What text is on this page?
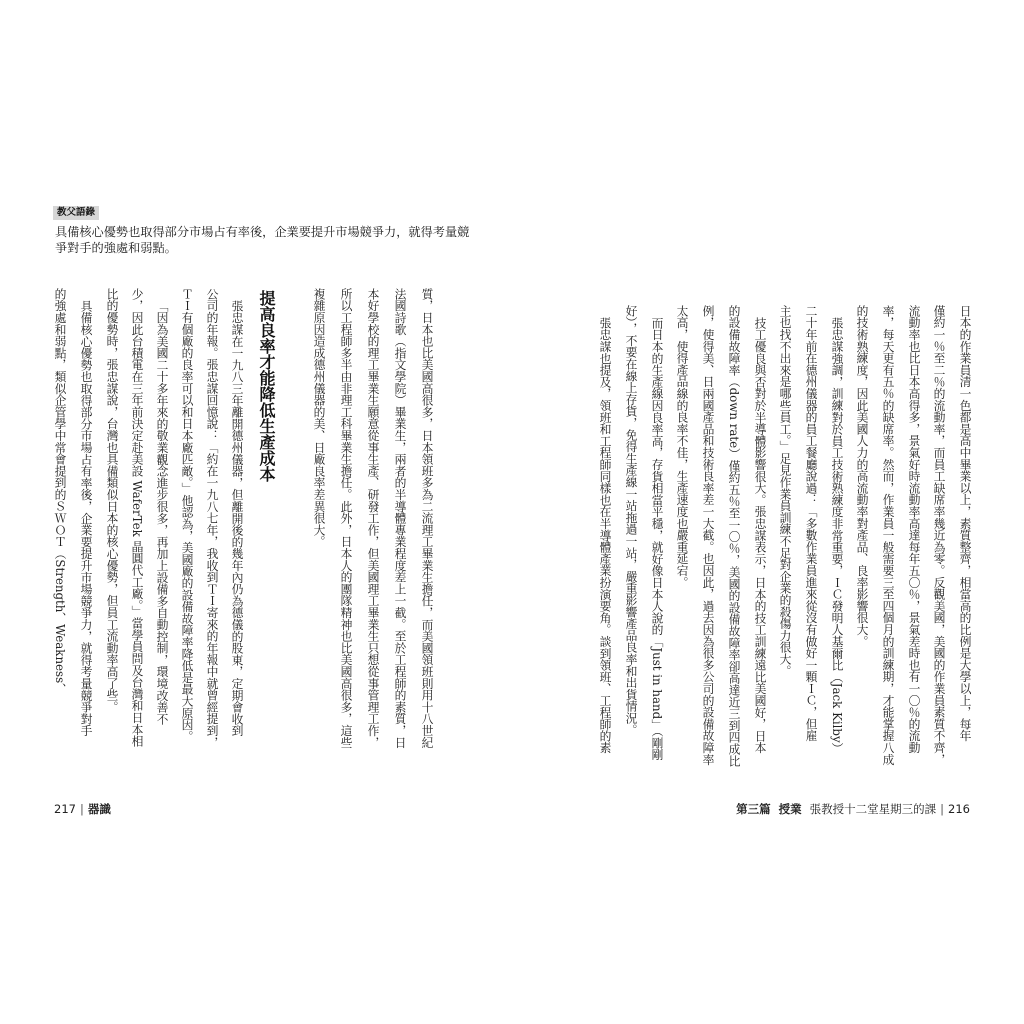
教父語錄
具備核心優勢也取得部分市場占有率後，企業要提升市場競爭力，就得考量競
爭對手的強處和弱點。
質，日本也比美國高很多，日本領班多為二流理工畢業生擔任，而美國領班則用十八世紀
法國詩歌（指文學院）畢業生，兩者的半導體專業程度差上一截。至於工程師的素質，日
本好學校的理工畢業生願意從事生產、研發工作，但美國理工畢業生只想從事管理工作，
所以工程師多半由非理工科畢業生擔任。此外，日本人的團隊精神也比美國高很多，這些
複雜原因造成德州儀器的美、日廠良率差異很大。
提高良率才能降低生產成本
張忠謀在一九八三年離開德州儀器，但離開後的幾年內仍為德儀的股東，定期會收到
公司的年報。張忠謀回憶說：「約在一九八七年，我收到ＴＩ寄來的年報中就曾經提到，
ＴＩ有個廠的良率可以和日本廠匹敵。」他認為，美國廠的設備故障率降低是最大原因。
「因為美國二十多年來的敬業觀念進步很多，再加上設備多自動控制，環境改善不
少，因此台積電在三年前決定赴美設 WaferTek 晶圓代工廠。」當學員問及台灣和日本相
比的優勢時，張忠謀說，台灣也具備類似日本的核心優勢，但員工流動率高了些。
具備核心優勢也取得部分市場占有率後，企業要提升市場競爭力，就得考量競爭對手
的強處和弱點，類似企管學中常會提到的ＳＷＯＴ（Strength、Weakness、
217 | 器識
日本的作業員清一色都是高中畢業以上，素質整齊，相當高的比例是大學以上，每年
僅約一％至二％的流動率，而員工缺席率幾近為零。反觀美國，美國的作業員素質不齊，
流動率也比日本高得多，景氣好時流動率高達每年五〇％，景氣差時也有一〇％的流動
率，每天更有五％的缺席率。然而，作業員一般需要三至四個月的訓練期，才能掌握八成
的技術熟練度，因此美國人力的高流動率對產品、良率影響很大。
張忠謀強調，訓練對於員工技術熟練度非常重要，ＩＣ發明人基爾比（Jack Kilby）
二十年前在德州儀器的員工餐廳說過：「多數作業員進來從沒有做好一顆ＩＣ，但雇
主也找不出來是哪些員工。」足見作業員訓練不足對企業的殺傷力很大。
技工優良與否對於半導體影響很大。張忠謀表示，日本的技工訓練遠比美國好，日本
的設備故障率（down rate）僅約五％至一〇％，美國的設備故障率卻高達近三到四成比
例，使得美、日兩國產品和技術良率差一大截。也因此，過去因為很多公司的設備故障率
太高，使得產品線的良率不佳，生產速度也嚴重延宕。
而日本的生產線因良率高，存貨相當平穩，就好像日本人說的「Just in hand」（剛剛
好），不要在線上存貨，免得生產線一站拖過一站，嚴重影響產品良率和出貨情況。
張忠謀也提及，領班和工程師同樣也在半導體產業扮演要角。談到領班、工程師的素
第三篇 授業 張教授十二堂星期三的課 | 216
